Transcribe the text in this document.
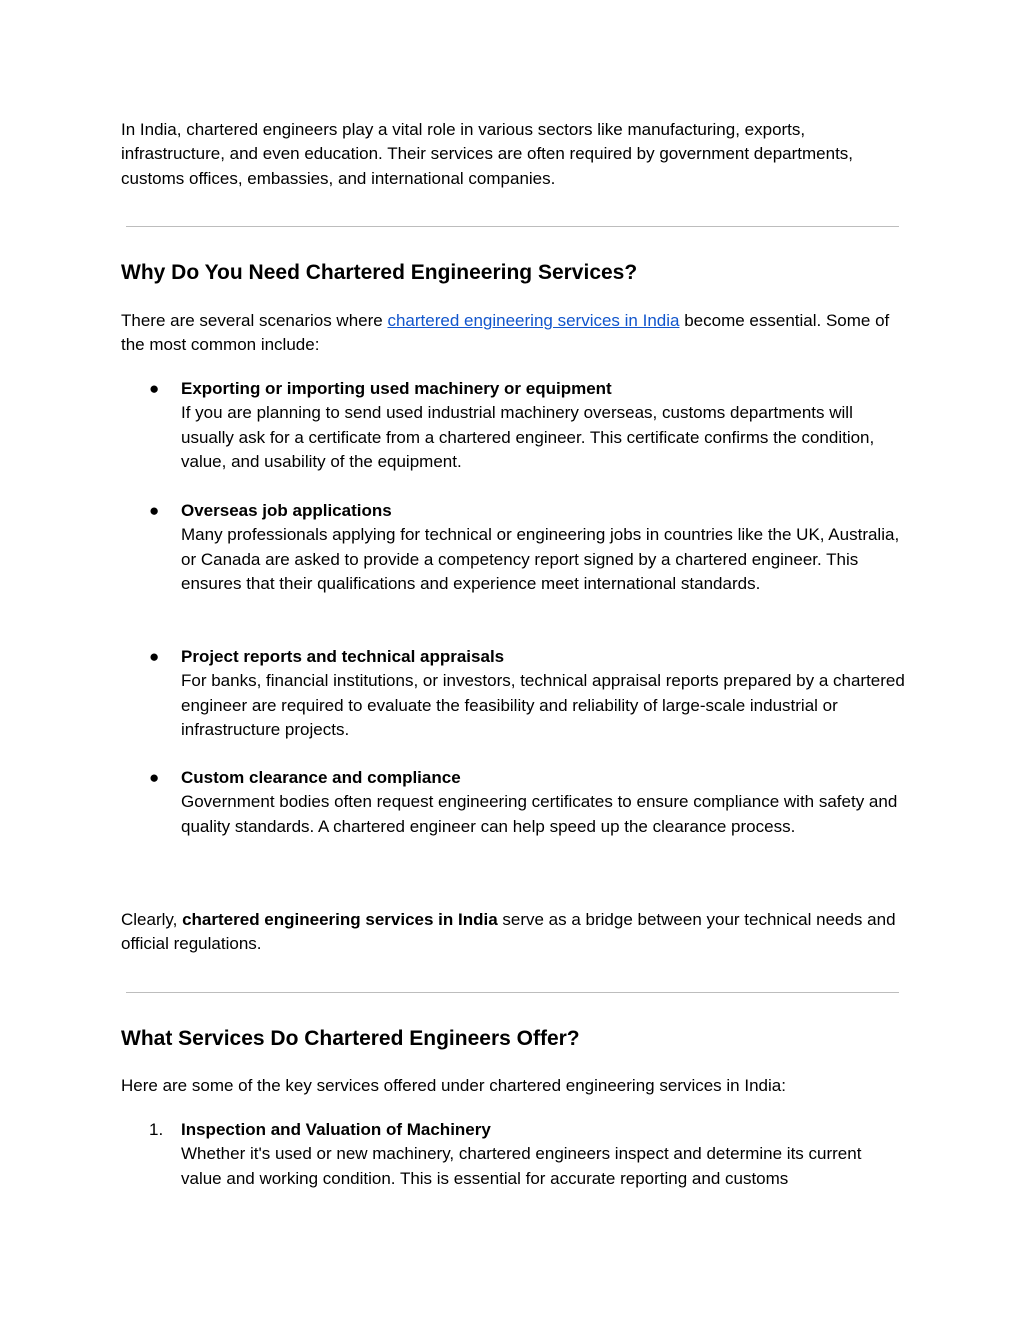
In India, chartered engineers play a vital role in various sectors like manufacturing, exports, infrastructure, and even education. Their services are often required by government departments, customs offices, embassies, and international companies.

Why Do You Need Chartered Engineering Services?

There are several scenarios where chartered engineering services in India become essential. Some of the most common include:

●	Exporting or importing used machinery or equipment
If you are planning to send used industrial machinery overseas, customs departments will usually ask for a certificate from a chartered engineer. This certificate confirms the condition, value, and usability of the equipment.
●	Overseas job applications
Many professionals applying for technical or engineering jobs in countries like the UK, Australia, or Canada are asked to provide a competency report signed by a chartered engineer. This ensures that their qualifications and experience meet international standards.
●	Project reports and technical appraisals
For banks, financial institutions, or investors, technical appraisal reports prepared by a chartered engineer are required to evaluate the feasibility and reliability of large-scale industrial or infrastructure projects.
●	Custom clearance and compliance
Government bodies often request engineering certificates to ensure compliance with safety and quality standards. A chartered engineer can help speed up the clearance process.

Clearly, chartered engineering services in India serve as a bridge between your technical needs and official regulations.

What Services Do Chartered Engineers Offer?

Here are some of the key services offered under chartered engineering services in India:

1.	Inspection and Valuation of Machinery
Whether it's used or new machinery, chartered engineers inspect and determine its current value and working condition. This is essential for accurate reporting and customs
